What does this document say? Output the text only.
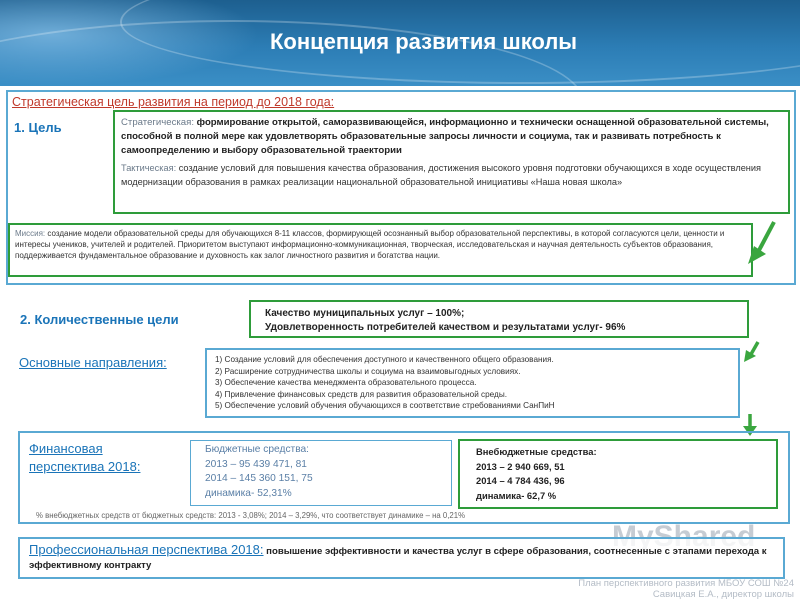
Концепция развития школы
Стратегическая цель развития на период до 2018 года:
1. Цель	Стратегическая: формирование открытой, саморазвивающейся, информационно и технически оснащенной образовательной системы, способной в полной мере как удовлетворять образовательные запросы личности и социума, так и развивать потребность к самоопределению и выбору образовательной траектории
Тактическая: создание условий для повышения качества образования, достижения высокого уровня подготовки обучающихся в ходе осуществления модернизации образования в рамках реализации национальной образовательной инициативы «Наша новая школа»
Миссия: создание модели образовательной среды для обучающихся 8-11 классов, формирующей осознанный выбор образовательной перспективы, в которой согласуются цели, ценности и интересы учеников, учителей и родителей. Приоритетом выступают информационно-коммуникационная, творческая, исследовательская и научная деятельность субъектов образования, поддерживается фундаментальное образование и духовность как залог личностного развития и богатства нации.
2. Количественные цели	Качество муниципальных услуг – 100%;
Удовлетворенность потребителей качеством и результатами услуг- 96%
Основные направления:	1) Создание условий для обеспечения доступного и качественного общего образования.
2) Расширение сотрудничества школы и социума на взаимовыгодных условиях.
3) Обеспечение качества менеджмента образовательного процесса.
4) Привлечение финансовых средств для развития образовательной среды.
5) Обеспечение условий обучения обучающихся в соответствие стребованиями СанПиН
Финансовая
перспектива 2018:
Бюджетные средства:
2013 – 95 439 471, 81
2014 – 145 360 151, 75
динамика- 52,31%
Внебюджетные средства:
2013 – 2 940 669, 51
2014 – 4 784 436, 96
динамика- 62,7 %
% внебюджетных средств от бюджетных средств: 2013 - 3,08%; 2014 – 3,29%, что соответствует динамике – на 0,21%
Профессиональная перспектива 2018: повышение эффективности и качества услуг в сфере образования, соотнесенные с этапами перехода к эффективному контракту
План перспективного развития МБОУ СОШ №24
Савицкая Е.А., директор школы
